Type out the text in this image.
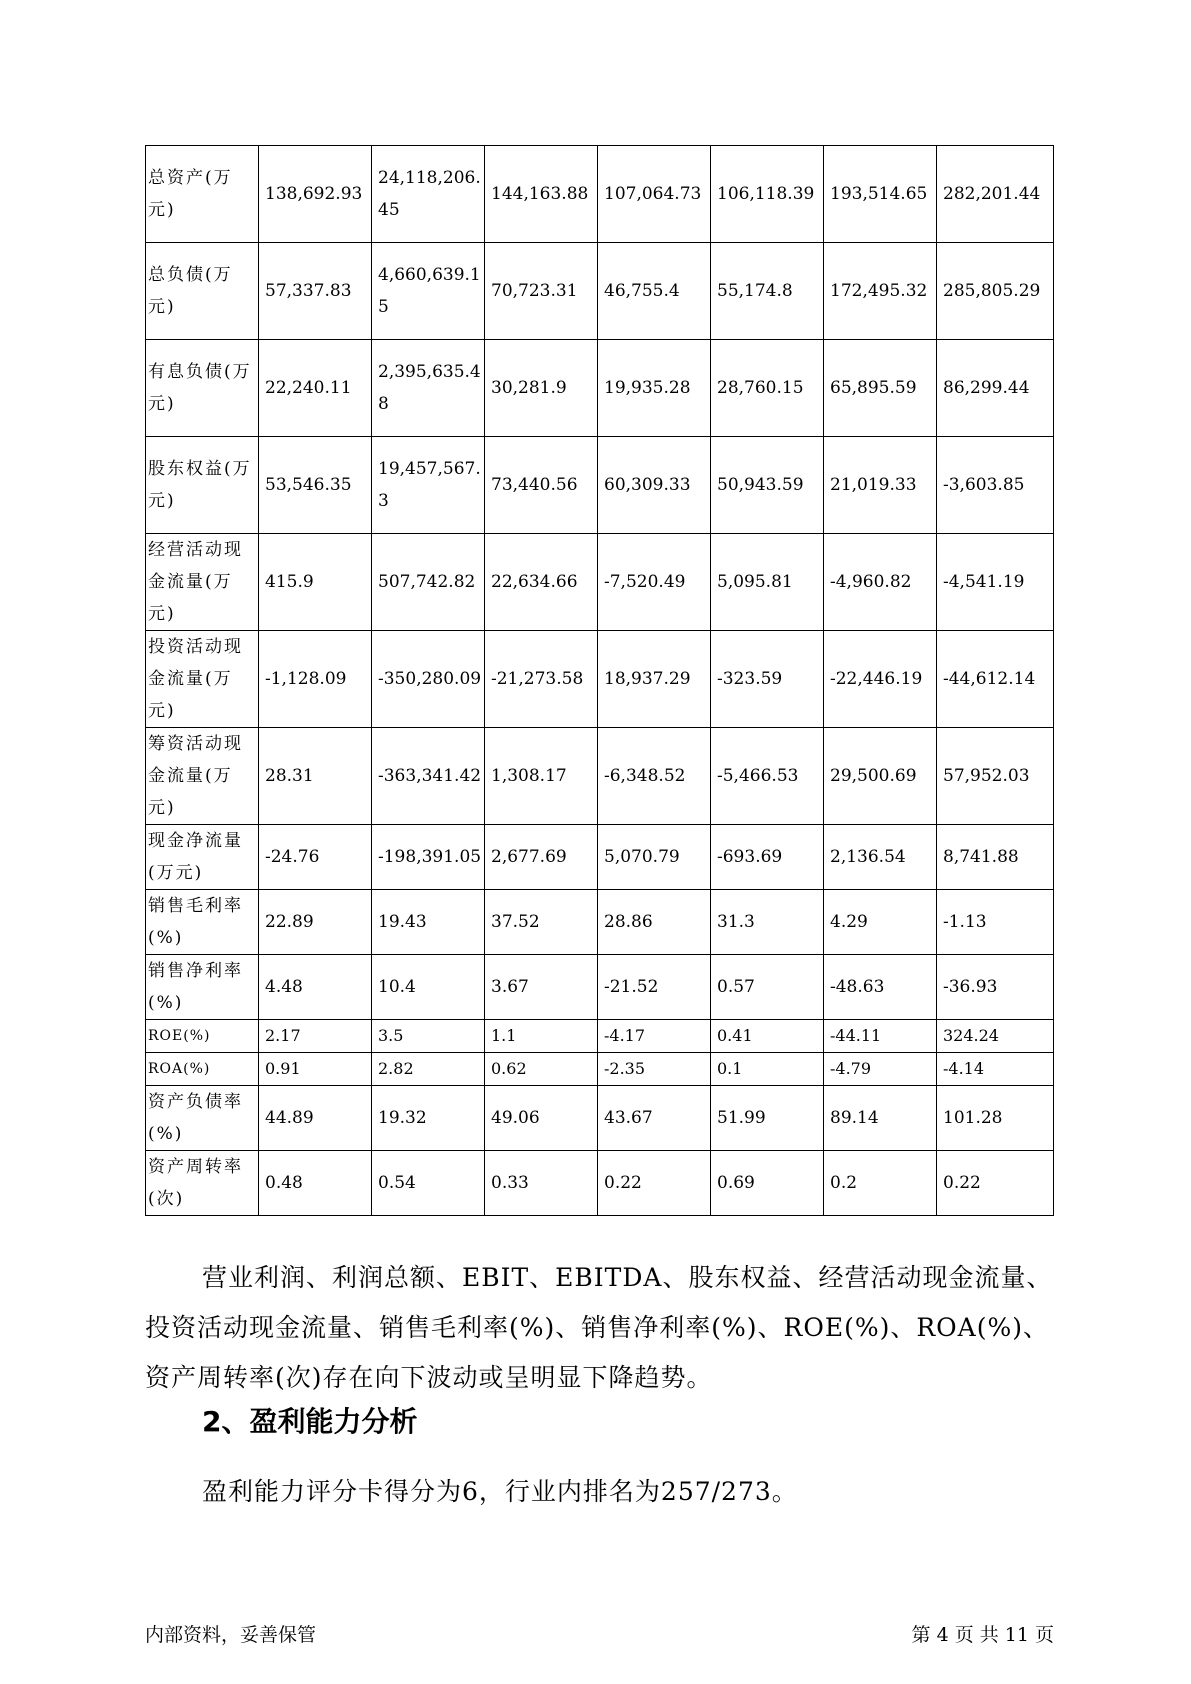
总资产(万元)	138,692.93	24,118,206.45	144,163.88	107,064.73	106,118.39	193,514.65	282,201.44
总负债(万元)	57,337.83	4,660,639.15	70,723.31	46,755.4	55,174.8	172,495.32	285,805.29
有息负债(万元)	22,240.11	2,395,635.48	30,281.9	19,935.28	28,760.15	65,895.59	86,299.44
股东权益(万元)	53,546.35	19,457,567.3	73,440.56	60,309.33	50,943.59	21,019.33	-3,603.85
经营活动现金流量(万元)	415.9	507,742.82	22,634.66	-7,520.49	5,095.81	-4,960.82	-4,541.19
投资活动现金流量(万元)	-1,128.09	-350,280.09	-21,273.58	18,937.29	-323.59	-22,446.19	-44,612.14
筹资活动现金流量(万元)	28.31	-363,341.42	1,308.17	-6,348.52	-5,466.53	29,500.69	57,952.03
现金净流量(万元)	-24.76	-198,391.05	2,677.69	5,070.79	-693.69	2,136.54	8,741.88
销售毛利率(%)	22.89	19.43	37.52	28.86	31.3	4.29	-1.13
销售净利率(%)	4.48	10.4	3.67	-21.52	0.57	-48.63	-36.93
ROE(%)	2.17	3.5	1.1	-4.17	0.41	-44.11	324.24
ROA(%)	0.91	2.82	0.62	-2.35	0.1	-4.79	-4.14
资产负债率(%)	44.89	19.32	49.06	43.67	51.99	89.14	101.28
资产周转率(次)	0.48	0.54	0.33	0.22	0.69	0.2	0.22

营业利润、利润总额、EBIT、EBITDA、股东权益、经营活动现金流量、投资活动现金流量、销售毛利率(%)、销售净利率(%)、ROE(%)、ROA(%)、资产周转率(次)存在向下波动或呈明显下降趋势。

2、盈利能力分析

盈利能力评分卡得分为6，行业内排名为257/273。

内部资料，妥善保管	第 4 页 共 11 页
